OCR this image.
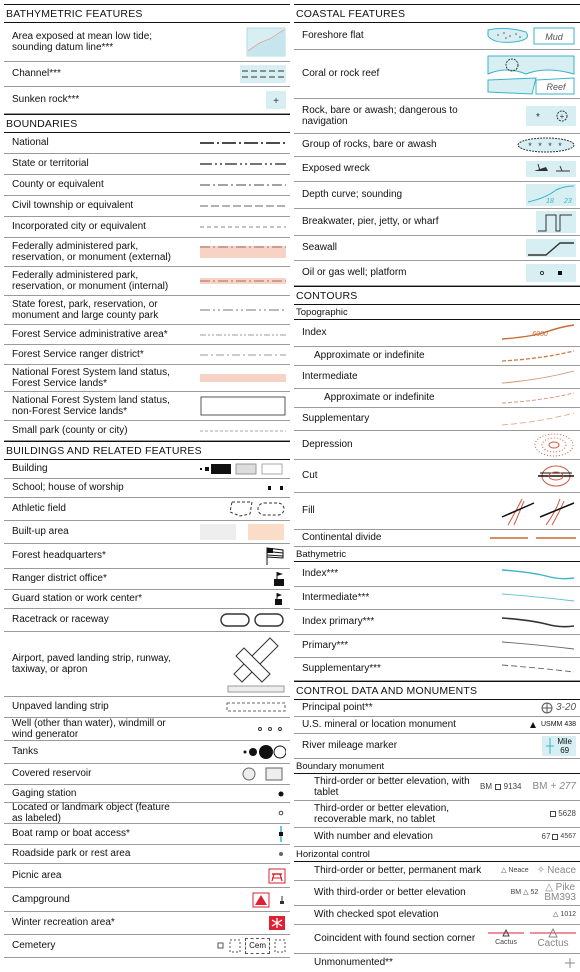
BATHYMETRIC FEATURES
Area exposed at mean low tide; sounding datum line***
Channel***
Sunken rock***	+
BOUNDARIES
National
State or territorial
County or equivalent
Civil township or equivalent
Incorporated city or equivalent
Federally administered park, reservation, or monument (external)
Federally administered park, reservation, or monument (internal)
State forest, park, reservation, or monument and large county park
Forest Service administrative area*
Forest Service ranger district*
National Forest System land status, Forest Service lands*
National Forest System land status, non-Forest Service lands*
Small park (county or city)
BUILDINGS AND RELATED FEATURES
Building
School; house of worship
Athletic field
Built-up area
Forest headquarters*
Ranger district office*
Guard station or work center*
Racetrack or raceway
Airport, paved landing strip, runway, taxiway, or apron
Unpaved landing strip
Well (other than water), windmill or wind generator
Tanks
Covered reservoir
Gaging station
Located or landmark object (feature as labeled)
Boat ramp or boat access*
Roadside park or rest area
Picnic area
Campground
Winter recreation area*
Cemetery	Cem
COASTAL FEATURES
Foreshore flat	Mud
Coral or rock reef
Reef
Rock, bare or awash; dangerous to navigation	* +
Group of rocks, bare or awash	* * * *
Exposed wreck
Depth curve; sounding
18 23
Breakwater, pier, jetty, or wharf
Seawall
Oil or gas well; platform
CONTOURS
Topographic
Index	6000
Approximate or indefinite
Intermediate
Approximate or indefinite
Supplementary
Depression
Cut
Fill
Continental divide
Bathymetric
Index***
Intermediate***
Index primary***
Primary***
Supplementary***
CONTROL DATA AND MONUMENTS
Principal point**	3-20
U.S. mineral or location monument	USMM 438
River mileage marker	Mile
69
Boundary monument
Third-order or better elevation, with tablet
BM 9134 BM + 277
Third-order or better elevation, recoverable mark, no tablet
5628
With number and elevation	67 4567
Horizontal control
Third-order or better, permanent mark	△ Neace ✧ Neace
With third-order or better elevation	BM △ 52 △ Pike
BM393
With checked spot elevation	△ 1012
Coincident with found section corner	Cactus Cactus
Unmonumented**
